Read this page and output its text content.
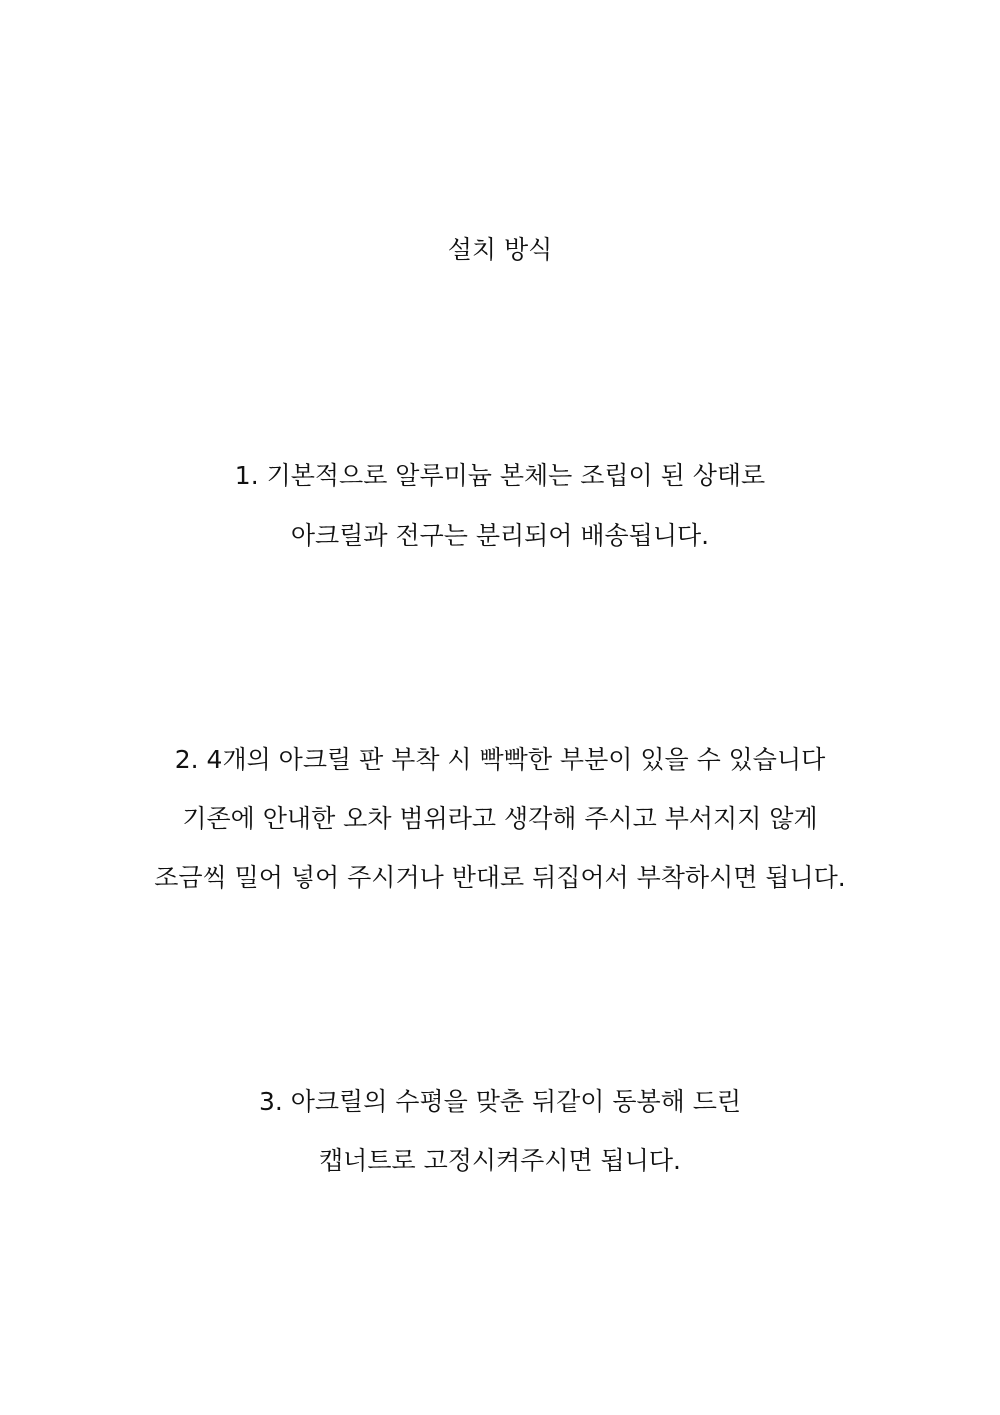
설치 방식
1. 기본적으로 알루미늄 본체는 조립이 된 상태로
아크릴과 전구는 분리되어 배송됩니다.
2. 4개의 아크릴 판 부착 시 빡빡한 부분이 있을 수 있습니다
기존에 안내한 오차 범위라고 생각해 주시고 부서지지 않게
조금씩 밀어 넣어 주시거나 반대로 뒤집어서 부착하시면 됩니다.
3. 아크릴의 수평을 맞춘 뒤같이 동봉해 드린
캡너트로 고정시켜주시면 됩니다.
